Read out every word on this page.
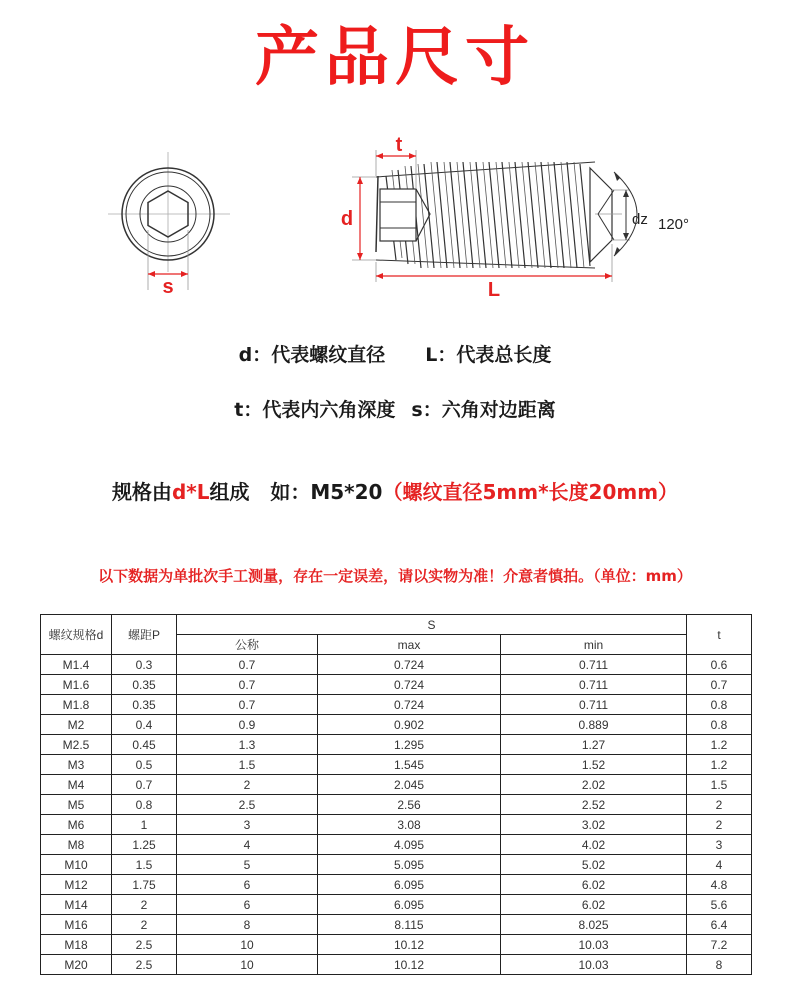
产品尺寸
s
dz 120°
t
d
L
d：代表螺纹直径 L：代表总长度
t：代表内六角深度 s：六角对边距离
规格由d*L组成   如：M5*20（螺纹直径5mm*长度20mm）
以下数据为单批次手工测量，存在一定误差，请以实物为准！介意者慎拍。（单位：mm）
螺纹规格d	螺距P	S			t
		公称	max	min	
M1.4	0.3	0.7	0.724	0.711	0.6
M1.6	0.35	0.7	0.724	0.711	0.7
M1.8	0.35	0.7	0.724	0.711	0.8
M2	0.4	0.9	0.902	0.889	0.8
M2.5	0.45	1.3	1.295	1.27	1.2
M3	0.5	1.5	1.545	1.52	1.2
M4	0.7	2	2.045	2.02	1.5
M5	0.8	2.5	2.56	2.52	2
M6	1	3	3.08	3.02	2
M8	1.25	4	4.095	4.02	3
M10	1.5	5	5.095	5.02	4
M12	1.75	6	6.095	6.02	4.8
M14	2	6	6.095	6.02	5.6
M16	2	8	8.115	8.025	6.4
M18	2.5	10	10.12	10.03	7.2
M20	2.5	10	10.12	10.03	8
